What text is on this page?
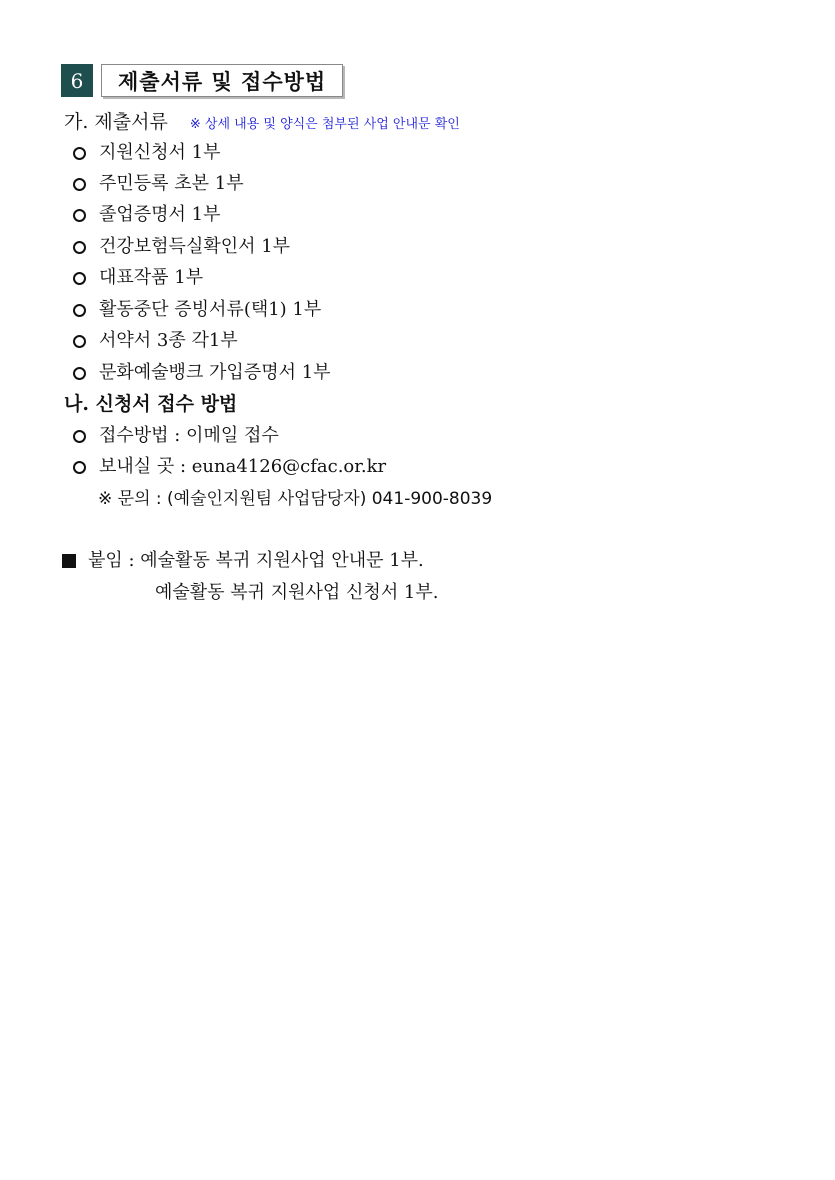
6	제출서류 및 접수방법
가. 제출서류 ※ 상세 내용 및 양식은 첨부된 사업 안내문 확인
지원신청서 1부
주민등록 초본 1부
졸업증명서 1부
건강보험득실확인서 1부
대표작품 1부
활동중단 증빙서류(택1) 1부
서약서 3종 각1부
문화예술뱅크 가입증명서 1부
나. 신청서 접수 방법
접수방법 : 이메일 접수
보내실 곳 : euna4126@cfac.or.kr
※ 문의 : (예술인지원팀 사업담당자) 041-900-8039
붙임 : 예술활동 복귀 지원사업 안내문 1부.
예술활동 복귀 지원사업 신청서 1부.
